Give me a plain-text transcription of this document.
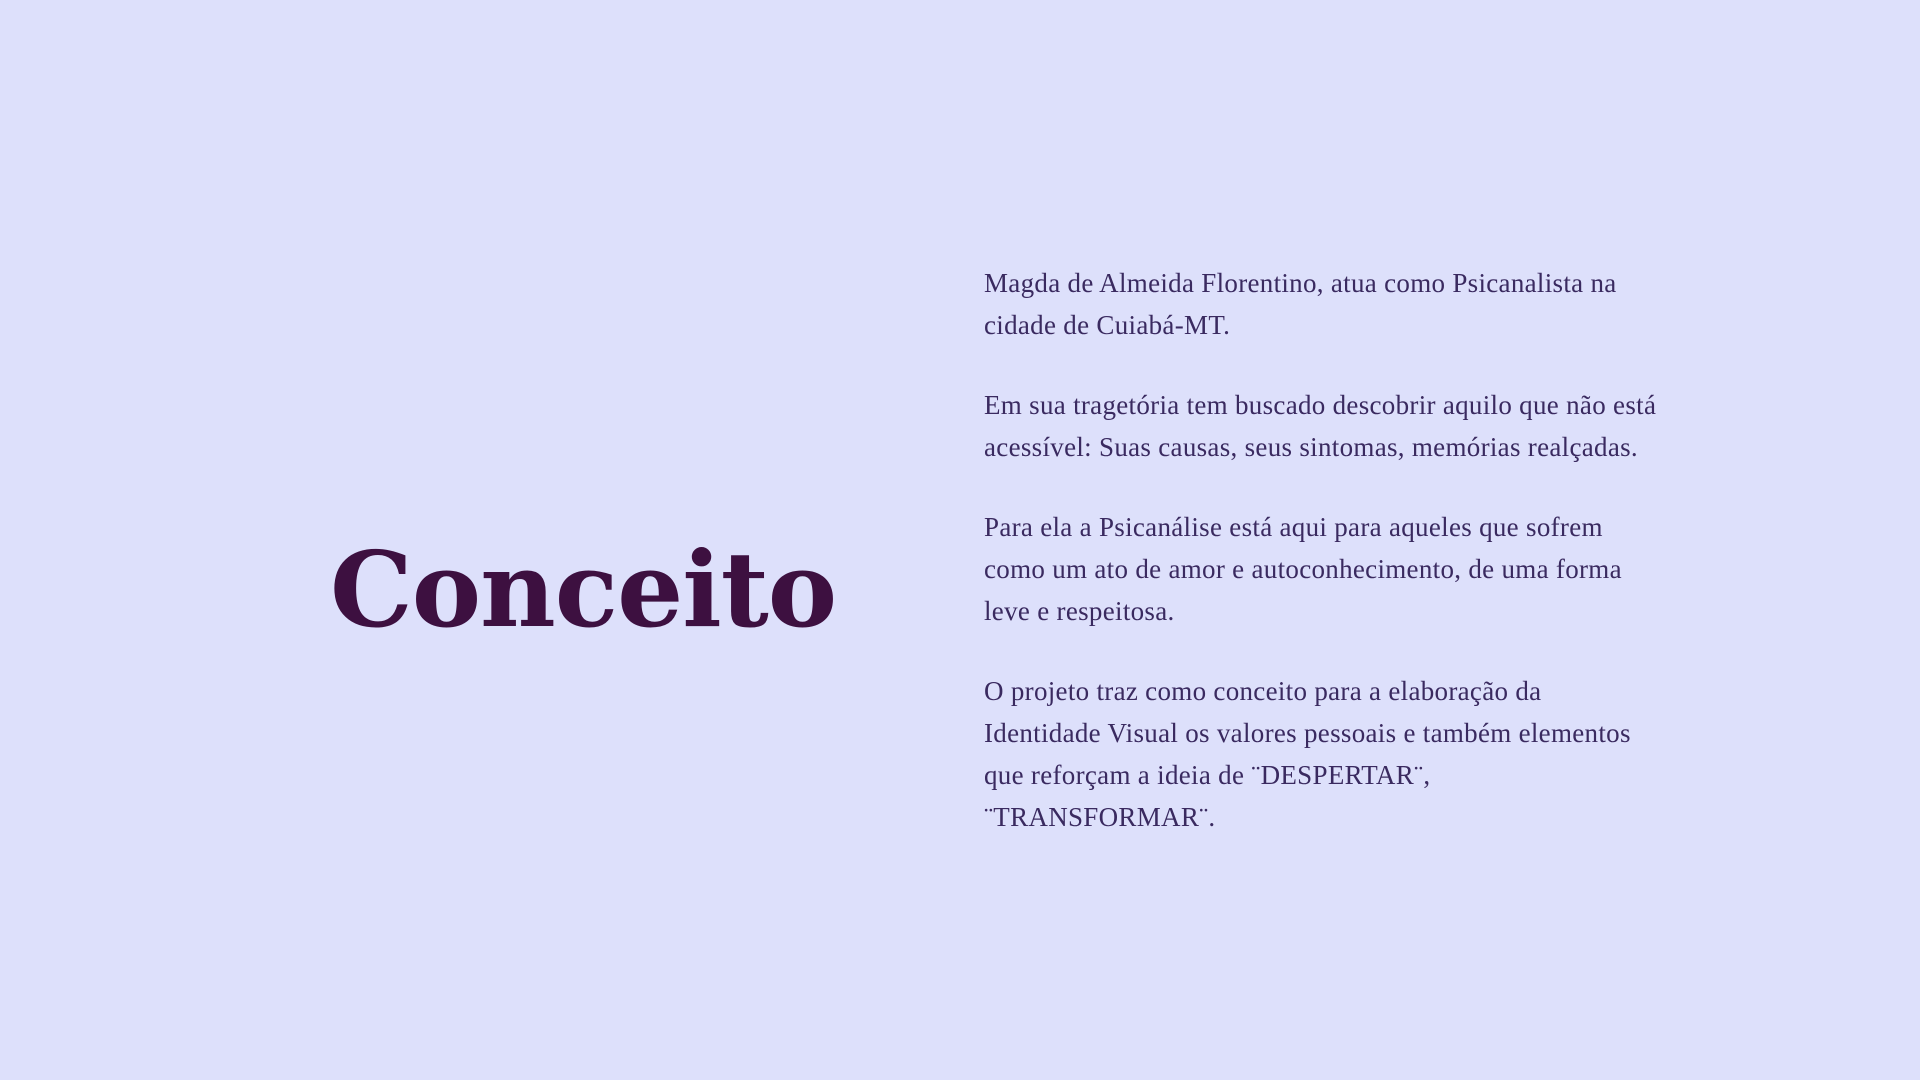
Conceito

Magda de Almeida Florentino, atua como Psicanalista na cidade de Cuiabá-MT.

Em sua tragetória tem buscado descobrir aquilo que não está acessível: Suas causas, seus sintomas, memórias realçadas.

Para ela a Psicanálise está aqui para aqueles que sofrem como um ato de amor e autoconhecimento, de uma forma leve e respeitosa.

O projeto traz como conceito para a elaboração da Identidade Visual os valores pessoais e também elementos que reforçam a ideia de ¨DESPERTAR¨, ¨TRANSFORMAR¨.
